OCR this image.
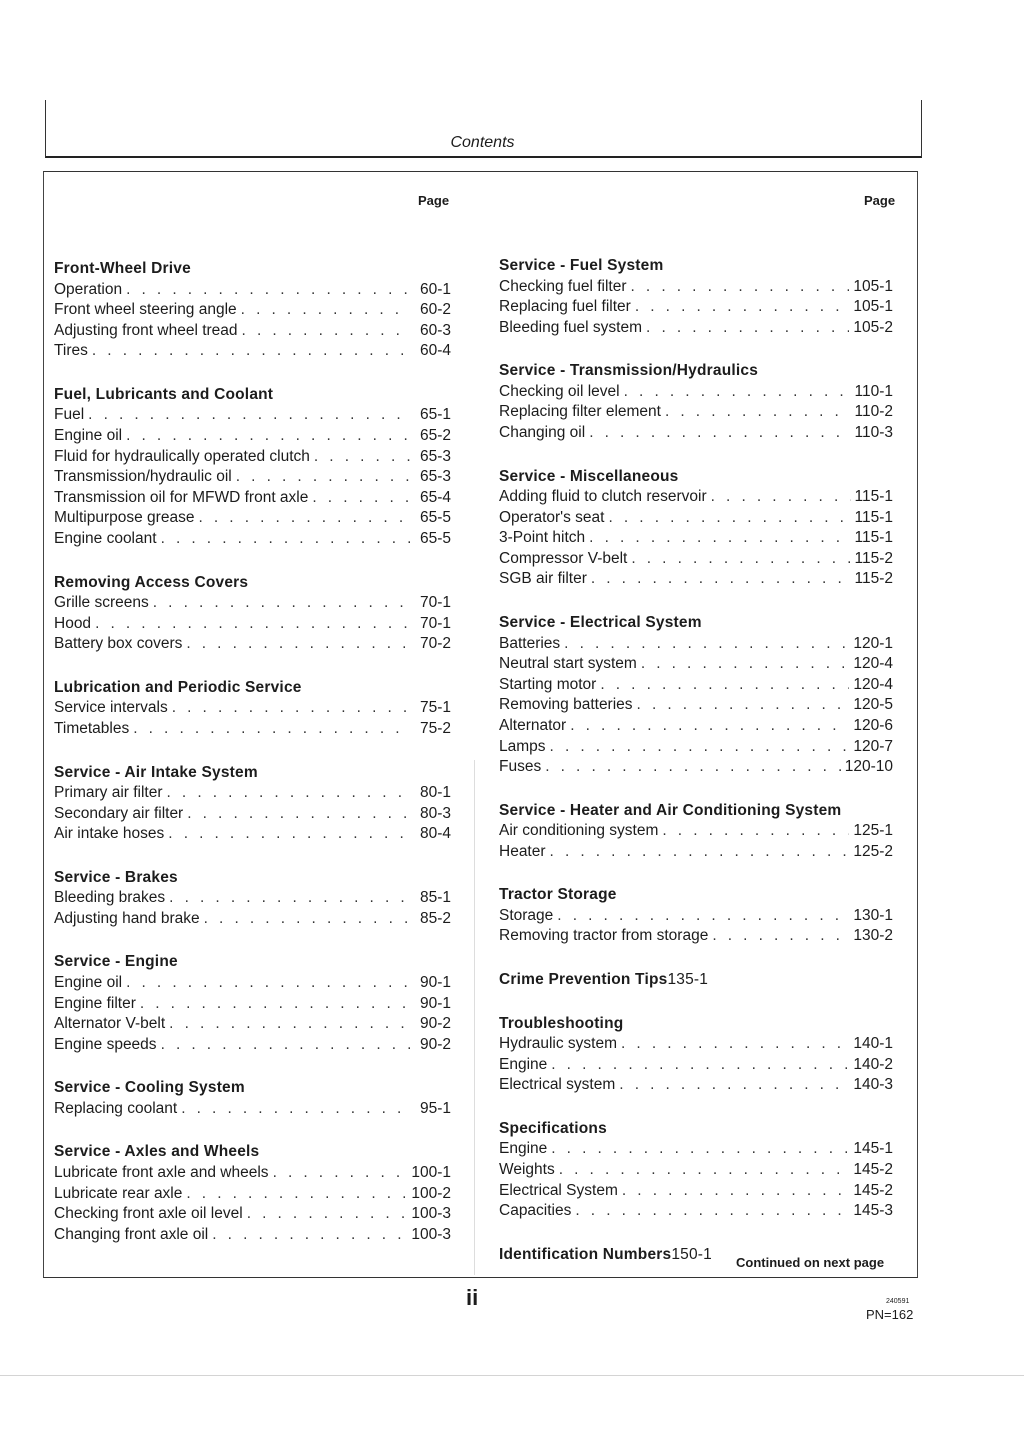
Contents
Page	Page
Front-Wheel Drive
Operation . . .	60-1
Front wheel steering angle . . .	60-2
Adjusting front wheel tread . . .	60-3
Tires . . .	60-4
Fuel, Lubricants and Coolant
Fuel . . .	65-1
Engine oil . . .	65-2
Fluid for hydraulically operated clutch . . .	65-3
Transmission/hydraulic oil . . .	65-3
Transmission oil for MFWD front axle . . .	65-4
Multipurpose grease . . .	65-5
Engine coolant . . .	65-5
Removing Access Covers
Grille screens . . .	70-1
Hood . . .	70-1
Battery box covers . . .	70-2
Lubrication and Periodic Service
Service intervals . . .	75-1
Timetables . . .	75-2
Service - Air Intake System
Primary air filter . . .	80-1
Secondary air filter . . .	80-3
Air intake hoses . . .	80-4
Service - Brakes
Bleeding brakes . . .	85-1
Adjusting hand brake . . .	85-2
Service - Engine
Engine oil . . .	90-1
Engine filter . . .	90-1
Alternator V-belt . . .	90-2
Engine speeds . . .	90-2
Service - Cooling System
Replacing coolant . . .	95-1
Service - Axles and Wheels
Lubricate front axle and wheels . . .	100-1
Lubricate rear axle . . .	100-2
Checking front axle oil level . . .	100-3
Changing front axle oil . . .	100-3
Service - Fuel System
Checking fuel filter . . .	105-1
Replacing fuel filter . . .	105-1
Bleeding fuel system . . .	105-2
Service - Transmission/Hydraulics
Checking oil level . . .	110-1
Replacing filter element . . .	110-2
Changing oil . . .	110-3
Service - Miscellaneous
Adding fluid to clutch reservoir . . .	115-1
Operator's seat . . .	115-1
3-Point hitch . . .	115-1
Compressor V-belt . . .	115-2
SGB air filter . . .	115-2
Service - Electrical System
Batteries . . .	120-1
Neutral start system . . .	120-4
Starting motor . . .	120-4
Removing batteries . . .	120-5
Alternator . . .	120-6
Lamps . . .	120-7
Fuses . . .	120-10
Service - Heater and Air Conditioning System
Air conditioning system . . .	125-1
Heater . . .	125-2
Tractor Storage
Storage . . .	130-1
Removing tractor from storage . . .	130-2
Crime Prevention Tips 135-1
Troubleshooting
Hydraulic system . . .	140-1
Engine . . .	140-2
Electrical system . . .	140-3
Specifications
Engine . . .	145-1
Weights . . .	145-2
Electrical System . . .	145-2
Capacities . . .	145-3
Identification Numbers 150-1 Continued on next page
ii	240591
PN=162
